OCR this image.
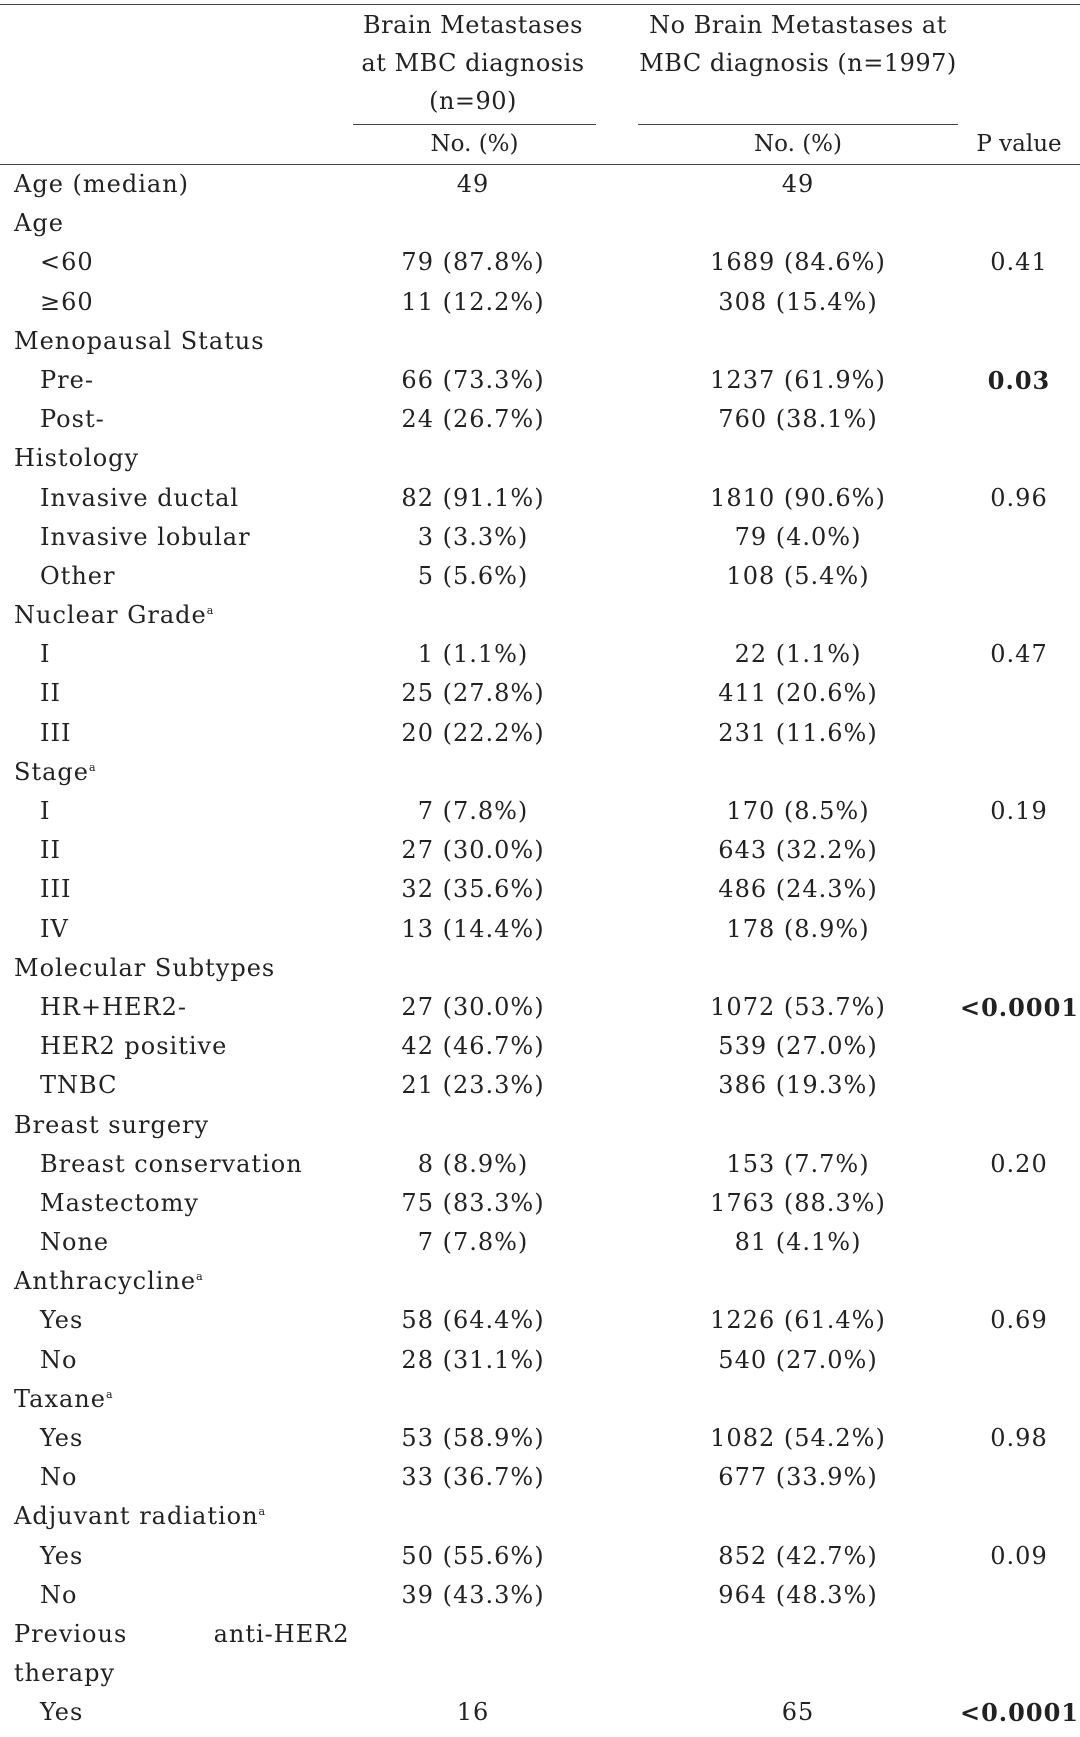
Brain Metastases
at MBC diagnosis
(n=90)
No Brain Metastases at
MBC diagnosis (n=1997)
No. (%)	No. (%)	P value
Age (median)	49	49
Age
<60	79 (87.8%)	1689 (84.6%)	0.41
≥60	11 (12.2%)	308 (15.4%)
Menopausal Status
Pre-	66 (73.3%)	1237 (61.9%)	0.03
Post-	24 (26.7%)	760 (38.1%)
Histology
Invasive ductal	82 (91.1%)	1810 (90.6%)	0.96
Invasive lobular	3 (3.3%)	79 (4.0%)
Other	5 (5.6%)	108 (5.4%)
Nuclear Grade$^a$
I	1 (1.1%)	22 (1.1%)	0.47
II	25 (27.8%)	411 (20.6%)
III	20 (22.2%)	231 (11.6%)
Stage$^a$
I	7 (7.8%)	170 (8.5%)	0.19
II	27 (30.0%)	643 (32.2%)
III	32 (35.6%)	486 (24.3%)
IV	13 (14.4%)	178 (8.9%)
Molecular Subtypes
HR+HER2-	27 (30.0%)	1072 (53.7%)	<0.0001
HER2 positive	42 (46.7%)	539 (27.0%)
TNBC	21 (23.3%)	386 (19.3%)
Breast surgery
Breast conservation	8 (8.9%)	153 (7.7%)	0.20
Mastectomy	75 (83.3%)	1763 (88.3%)
None	7 (7.8%)	81 (4.1%)
Anthracycline$^a$
Yes	58 (64.4%)	1226 (61.4%)	0.69
No	28 (31.1%)	540 (27.0%)
Taxane$^a$
Yes	53 (58.9%)	1082 (54.2%)	0.98
No	33 (36.7%)	677 (33.9%)
Adjuvant radiation$^a$
Yes	50 (55.6%)	852 (42.7%)	0.09
No	39 (43.3%)	964 (48.3%)
Previous          anti-HER2
therapy
Yes	16	65	<0.0001
